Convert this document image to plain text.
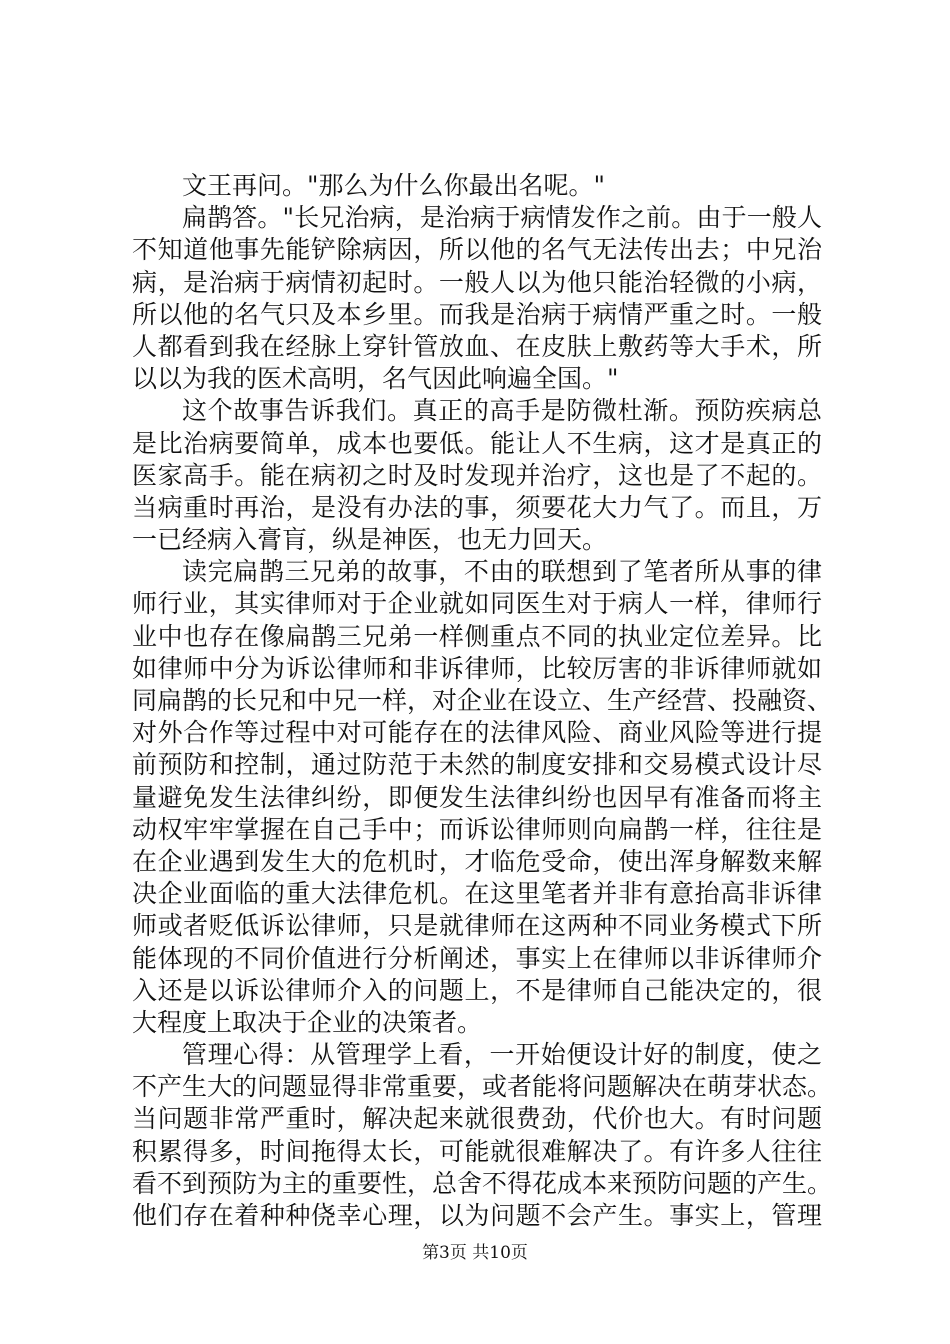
文王再问。"那么为什么你最出名呢。"
扁鹊答。"长兄治病，是治病于病情发作之前。由于一般人
不知道他事先能铲除病因，所以他的名气无法传出去；中兄治
病，是治病于病情初起时。一般人以为他只能治轻微的小病，
所以他的名气只及本乡里。而我是治病于病情严重之时。一般
人都看到我在经脉上穿针管放血、在皮肤上敷药等大手术，所
以以为我的医术高明，名气因此响遍全国。"
这个故事告诉我们。真正的高手是防微杜渐。预防疾病总
是比治病要简单，成本也要低。能让人不生病，这才是真正的
医家高手。能在病初之时及时发现并治疗，这也是了不起的。
当病重时再治，是没有办法的事，须要花大力气了。而且，万
一已经病入膏肓，纵是神医，也无力回天。
读完扁鹊三兄弟的故事，不由的联想到了笔者所从事的律
师行业，其实律师对于企业就如同医生对于病人一样，律师行
业中也存在像扁鹊三兄弟一样侧重点不同的执业定位差异。比
如律师中分为诉讼律师和非诉律师，比较厉害的非诉律师就如
同扁鹊的长兄和中兄一样，对企业在设立、生产经营、投融资、
对外合作等过程中对可能存在的法律风险、商业风险等进行提
前预防和控制，通过防范于未然的制度安排和交易模式设计尽
量避免发生法律纠纷，即便发生法律纠纷也因早有准备而将主
动权牢牢掌握在自己手中；而诉讼律师则向扁鹊一样，往往是
在企业遇到发生大的危机时，才临危受命，使出浑身解数来解
决企业面临的重大法律危机。在这里笔者并非有意抬高非诉律
师或者贬低诉讼律师，只是就律师在这两种不同业务模式下所
能体现的不同价值进行分析阐述，事实上在律师以非诉律师介
入还是以诉讼律师介入的问题上，不是律师自己能决定的，很
大程度上取决于企业的决策者。
管理心得：从管理学上看，一开始便设计好的制度，使之
不产生大的问题显得非常重要，或者能将问题解决在萌芽状态。
当问题非常严重时，解决起来就很费劲，代价也大。有时问题
积累得多，时间拖得太长，可能就很难解决了。有许多人往往
看不到预防为主的重要性，总舍不得花成本来预防问题的产生。
他们存在着种种侥幸心理，以为问题不会产生。事实上，管理
第3页 共10页
